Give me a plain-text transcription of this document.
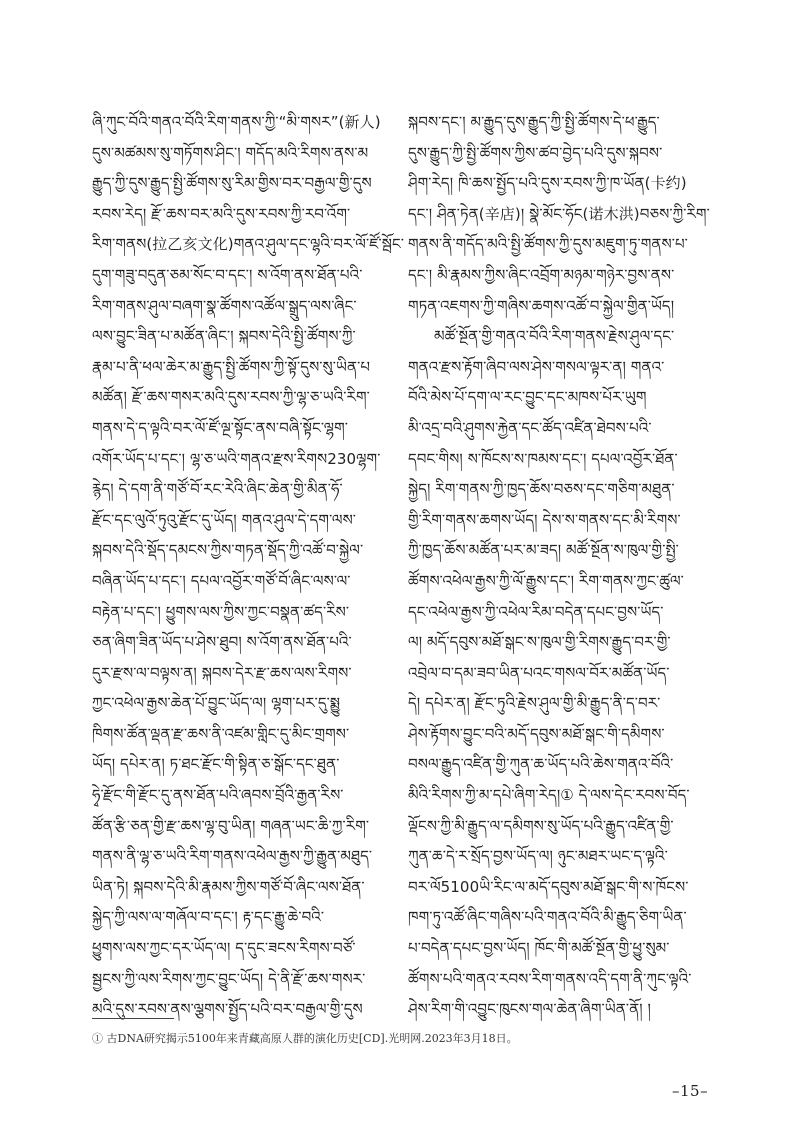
ཞི་ཀུང་བོའི་གནའ་བོའི་རིག་གནས་ཀྱི་“མི་གསར”(新人)
དུས་མཚམས་སུ་གཏོགས་ཤིང་། གདོད་མའི་རིགས་ནས་མ
རྒྱུད་ཀྱི་དུས་རྒྱུད་སྤྱི་ཚོགས་སུ་རིམ་གྱིས་བར་བརྒྱལ་གྱི་དུས
རབས་རེད། རྫོ་ཆས་བར་མའི་དུས་རབས་ཀྱི་རབ་འོག་
རིག་གནས(拉乙亥文化)གནའ་ཤུལ་དང་ལྷའི་བར་ལོ་ཛོ་སྦོང་
དུག་གཟུ་བདུན་ཅམ་སོང་བ་དང་། ས་འོག་ནས་ཐོན་པའི་
རིག་གནས་ཤུལ་བཞག་སྣ་ཚོགས་འཚོལ་སྒྲུད་ལས་ཞིང་
ལས་བྱུང་ཟིན་པ་མཚོན་ཞིང་། སྐབས་དེའི་སྤྱི་ཚོགས་ཀྱི་
རྣམ་པ་ནི་ཕལ་ཆེར་མ་རྒྱུད་སྤྱི་ཚོགས་ཀྱི་སྟོ་དུས་སུ་ཡིན་པ
མཚོན། རྫོ་ཆས་གསར་མའི་དུས་རབས་ཀྱི་ལྷ་ཅ་ཡའི་རིག་
གནས་དེ་ད་ལྟའི་བར་ལོ་ཛོ་ལྔ་སྟོང་ནས་བཞི་སྟོང་ལྷག་
འགོར་ཡོད་པ་དང་། ལྷ་ཅ་ཡའི་གནའ་རྫས་རིགས230ལྷག་
རྙེད། དེ་དག་ནི་གཙོ་བོ་རང་རེའི་ཞིང་ཆེན་གྱི་མིན་ཧོ་
རྫོང་དང་ལུའོ་ཏུའུ་རྫོང་དུ་ཡོད། གནའ་ཤུལ་དེ་དག་ལས་
སྐབས་དེའི་སྡོད་དམངས་ཀྱིས་གཏན་སྡོད་ཀྱི་འཚོ་བ་སྐྱེལ་
བཞིན་ཡོད་པ་དང་། དཔལ་འབྱོར་གཙོ་བོ་ཞིང་ལས་ལ་
བརྟེན་པ་དང་། ཕྱུགས་ལས་ཀྱིས་ཀྱང་བསྣན་ཚད་རིས་
ཅན་ཞིག་ཟིན་ཡོད་པ་ཤེས་ཐུབ། ས་འོག་ནས་ཐོན་པའི་
དུར་རྫས་ལ་བལྟས་ན། སྐབས་དེར་རྫ་ཆས་ལས་རིགས་
ཀྱང་འཕེལ་རྒྱས་ཆེན་པོ་བྱུང་ཡོད་ལ། ལྷག་པར་དུ་སྨྱུ
ཁིགས་ཚོན་ལྡན་རྫ་ཆས་ནི་འཛམ་གླིང་དུ་མིང་གྲགས་
ཡོད། དཔེར་ན། ཏ་ཐང་རྫོང་གི་སྟིན་ཅ་སྒོང་དང་ཐུན་
ཧྭེ་རྫོང་གི་རྫོང་དུ་ནས་ཐོན་པའི་ཞབས་བྲོའི་རྒྱན་རིས་
ཚོན་རྩི་ཅན་གྱི་རྫ་ཆས་ལྷ་བུ་ཡིན། གཞན་ཡང་ཆི་ཀྱ་རིག་
གནས་ནི་ལྷ་ཅ་ཡའི་རིག་གནས་འཕེལ་རྒྱས་ཀྱི་རྒྱུན་མཐུད་
ཡིན་ཏེ། སྐབས་དེའི་མི་རྣམས་ཀྱིས་གཙོ་བོ་ཞིང་ལས་ཐོན་
སྐྱེད་ཀྱི་ལས་ལ་གཞོལ་བ་དང་། རྟ་དང་རྒྱུ་ཆེ་བའི་
ཕྱུགས་ལས་ཀྱང་དར་ཡོད་ལ། ད་དུང་ཟངས་རིགས་བཙོ་
སྦྱངས་ཀྱི་ལས་རིགས་ཀྱང་བྱུང་ཡོད། དེ་ནི་རྫོ་ཆས་གསར་
མའི་དུས་རབས་ནས་ལྕགས་སྤྱོད་པའི་བར་བརྒྱལ་གྱི་དུས
སྐབས་དང་། མ་རྒྱུད་དུས་རྒྱུད་ཀྱི་སྤྱི་ཚོགས་དེ་ཕ་རྒྱུད་
དུས་རྒྱུད་ཀྱི་སྤྱི་ཚོགས་ཀྱིས་ཚབ་བྱེད་པའི་དུས་སྐབས་
ཤིག་རེད། ཁི་ཆས་སྤྱོད་པའི་དུས་རབས་ཀྱི་ཁ་ཡོན(卡约)
དང་། ཤིན་ཏེན(辛店)། སྣེ་མོང་ཧོང(诺木洪)བཅས་ཀྱི་རིག་
གནས་ནི་གདོད་མའི་སྤྱི་ཚོགས་ཀྱི་དུས་མཇུག་ཏུ་གནས་པ་
དང་། མི་རྣམས་ཀྱིས་ཞིང་འབྲོག་མཉམ་གཉེར་བྱས་ནས་
གཏན་འཇགས་ཀྱི་གཞིས་ཆགས་འཚོ་བ་སྐྱེལ་གྱིན་ཡོད།
མཚོ་སྔོན་གྱི་གནའ་བོའི་རིག་གནས་རྗེས་ཤུལ་དང་
གནའ་རྫས་རྟོག་ཞིབ་ལས་ཤེས་གསལ་ལྟར་ན། གནའ་
བོའི་མེས་པོ་དག་ལ་རང་བྱུང་དང་མཁས་པོར་ཡུག
མི་འདྲ་བའི་ཤུགས་རྐྱེན་དང་ཚོད་འཛིན་ཐེབས་པའི་
དབང་གིས། ས་ཁོངས་ས་ཁམས་དང་། དཔལ་འབྱོར་ཐོན་
སྐྱེད། རིག་གནས་ཀྱི་ཁྱད་ཆོས་བཅས་དང་གཅིག་མཐུན་
གྱི་རིག་གནས་ཆགས་ཡོད། དེས་ས་གནས་དང་མི་རིགས་
ཀྱི་ཁྱད་ཆོས་མཚོན་པར་མ་ཟད། མཚོ་སྔོན་ས་ཁུལ་གྱི་སྤྱི་
ཚོགས་འཕེལ་རྒྱས་ཀྱི་ལོ་རྒྱུས་དང་། རིག་གནས་ཀྱང་ཚུལ་
དང་འཕེལ་རྒྱས་ཀྱི་འཕེལ་རིམ་བདེན་དཔང་བྱས་ཡོད་
ལ། མདོ་དབུས་མཐོ་སྒང་ས་ཁུལ་གྱི་རིགས་རྒྱུད་བར་གྱི་
འབྲེལ་བ་དམ་ཟབ་ཡིན་པའང་གསལ་བོར་མཚོན་ཡོད་
དེ། དཔེར་ན། རྫོང་ཏུའི་རྗེས་ཤུལ་གྱི་མི་རྒྱུད་ནི་ད་བར་
ཤེས་རྟོགས་བྱུང་བའི་མདོ་དབུས་མཐོ་སྒང་གི་དམིགས་
བསལ་རྒྱུད་འཛིན་གྱི་ཀུན་ཆ་ཡོད་པའི་ཆེས་གནའ་བོའི་
མིའི་རིགས་ཀྱི་མ་དཔེ་ཞིག་རེད།① དེ་ལས་དེང་རབས་བོད་
ལྡོངས་ཀྱི་མི་རྒྱུད་ལ་དམིགས་སུ་ཡོད་པའི་རྒྱུད་འཛིན་གྱི་
ཀུན་ཆ་དེ་ར་སྲོད་བྱས་ཡོད་ལ། ཉུང་མཐར་ཡང་ད་ལྟའི་
བར་ལོ5100ཡི་རིང་ལ་མདོ་དབུས་མཐོ་སྒང་གི་ས་ཁོངས་
ཁག་ཏུ་འཚོ་ཞིང་གཞིས་པའི་གནའ་བོའི་མི་རྒྱུད་ཅིག་ཡིན་
པ་བདེན་དཔང་བྱས་ཡོད། ཁོང་གི་མཚོ་སྔོན་གྱི་ཕྱུ་སུམ་
ཚོགས་པའི་གནའ་རབས་རིག་གནས་འདི་དག་ནི་ཀུང་ལྟའི་
ཤེས་རིག་གི་འབྱུང་ཁུངས་གལ་ཆེན་ཞིག་ཡིན་ནོ། །
① 古DNA研究揭示5100年来青藏高原人群的演化历史[CD].光明网.2023年3月18日。
–15–
